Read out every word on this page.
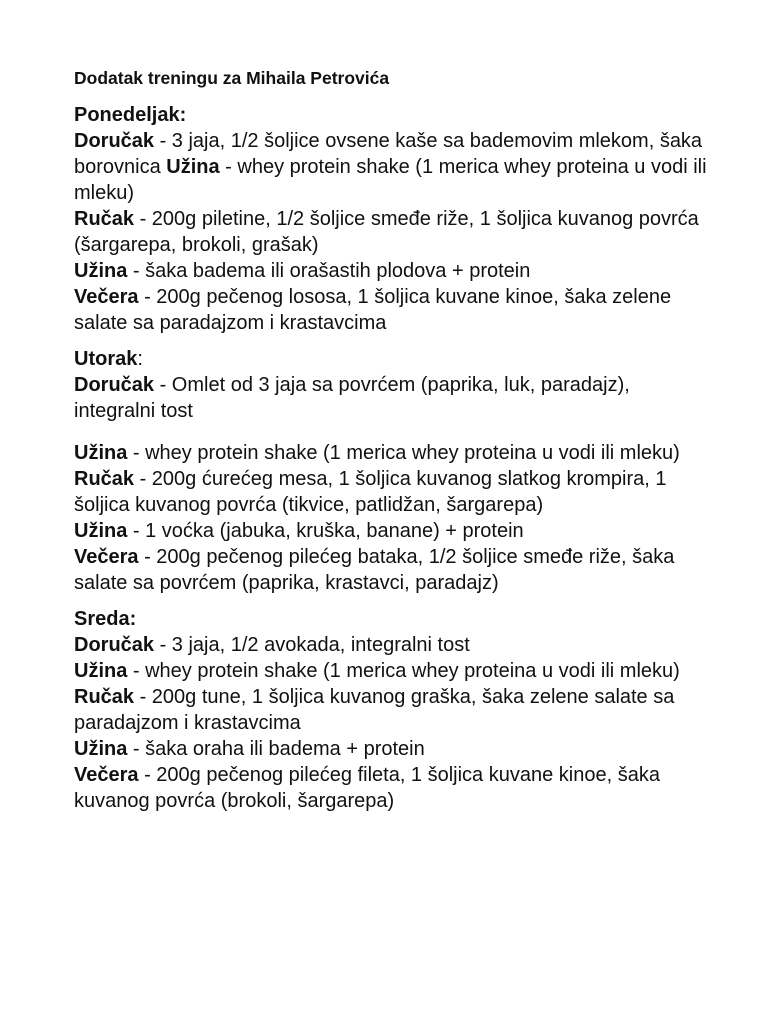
Dodatak treningu za Mihaila Petrovića
Ponedeljak:
Doručak - 3 jaja, 1/2 šoljice ovsene kaše sa bademovim mlekom, šaka borovnica Užina - whey protein shake (1 merica whey proteina u vodi ili mleku)
Ručak - 200g piletine, 1/2 šoljice smeđe riže, 1 šoljica kuvanog povrća (šargarepa, brokoli, grašak)
Užina - šaka badema ili orašastih plodova + protein
Večera - 200g pečenog lososa, 1 šoljica kuvane kinoe, šaka zelene salate sa paradajzom i krastavcima
Utorak:
Doručak - Omlet od 3 jaja sa povrćem (paprika, luk, paradajz), integralni tost
Užina - whey protein shake (1 merica whey proteina u vodi ili mleku)
Ručak - 200g ćurećeg mesa, 1 šoljica kuvanog slatkog krompira, 1 šoljica kuvanog povrća (tikvice, patlidžan, šargarepa)
Užina - 1 voćka (jabuka, kruška, banane) + protein
Večera - 200g pečenog pilećeg bataka, 1/2 šoljice smeđe riže, šaka salate sa povrćem (paprika, krastavci, paradajz)
Sreda:
Doručak - 3 jaja, 1/2 avokada, integralni tost
Užina - whey protein shake (1 merica whey proteina u vodi ili mleku)
Ručak - 200g tune, 1 šoljica kuvanog graška, šaka zelene salate sa paradajzom i krastavcima
Užina - šaka oraha ili badema + protein
Večera - 200g pečenog pilećeg fileta, 1 šoljica kuvane kinoe, šaka kuvanog povrća (brokoli, šargarepa)
